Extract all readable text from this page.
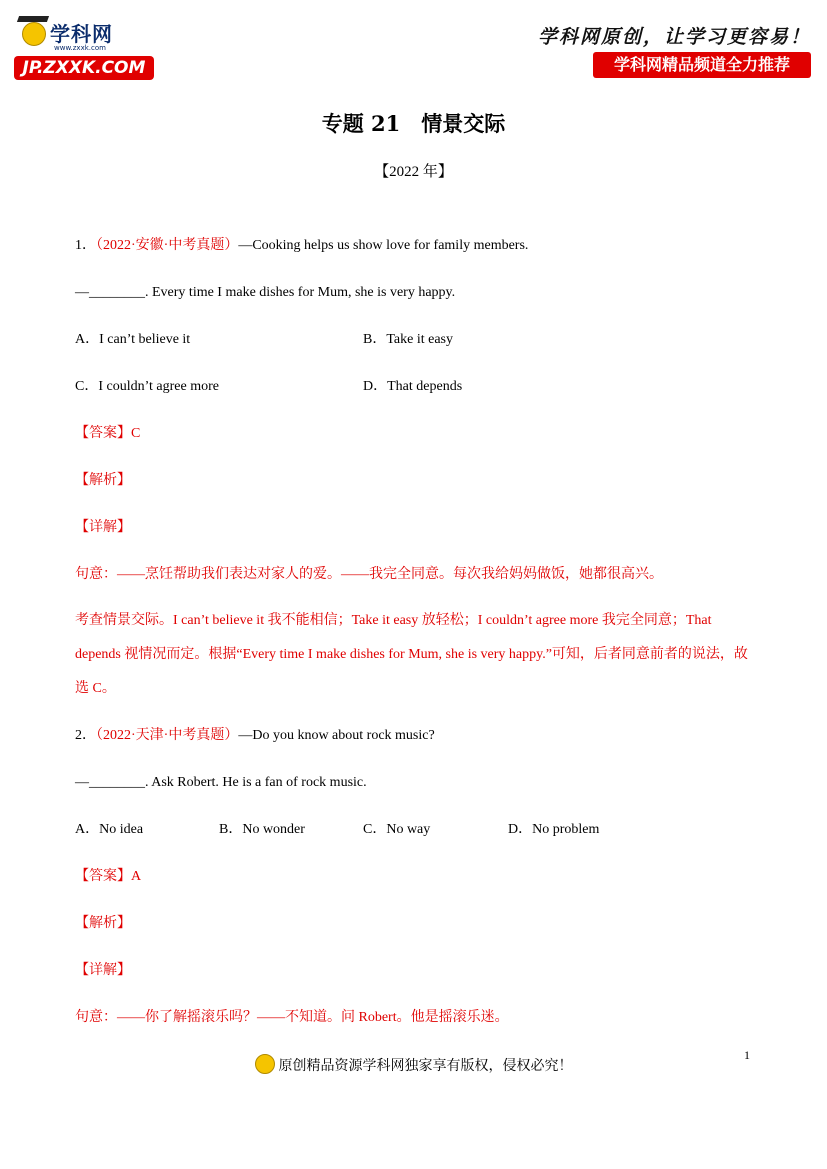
学科网
www.zxxk.com
JP.ZXXK.COM
学科网原创，让学习更容易！
学科网精品频道全力推荐
专题 21　情景交际
【2022 年】
1．（2022·安徽·中考真题）—Cooking helps us show love for family members.
—________. Every time I make dishes for Mum, she is very happy.
A．I can’t believe it	B．Take it easy
C．I couldn’t agree more	D．That depends
【答案】C
【解析】
【详解】
句意：——烹饪帮助我们表达对家人的爱。——我完全同意。每次我给妈妈做饭，她都很高兴。
考查情景交际。I can’t believe it 我不能相信；Take it easy 放轻松；I couldn’t agree more 我完全同意；That depends 视情况而定。根据“Every time I make dishes for Mum, she is very happy.”可知，后者同意前者的说法，故选 C。
2．（2022·天津·中考真题）—Do you know about rock music?
—________. Ask Robert. He is a fan of rock music.
A．No idea	B．No wonder	C．No way	D．No problem
【答案】A
【解析】
【详解】
句意：——你了解摇滚乐吗？——不知道。问 Robert。他是摇滚乐迷。
原创精品资源学科网独家享有版权，侵权必究！
1
